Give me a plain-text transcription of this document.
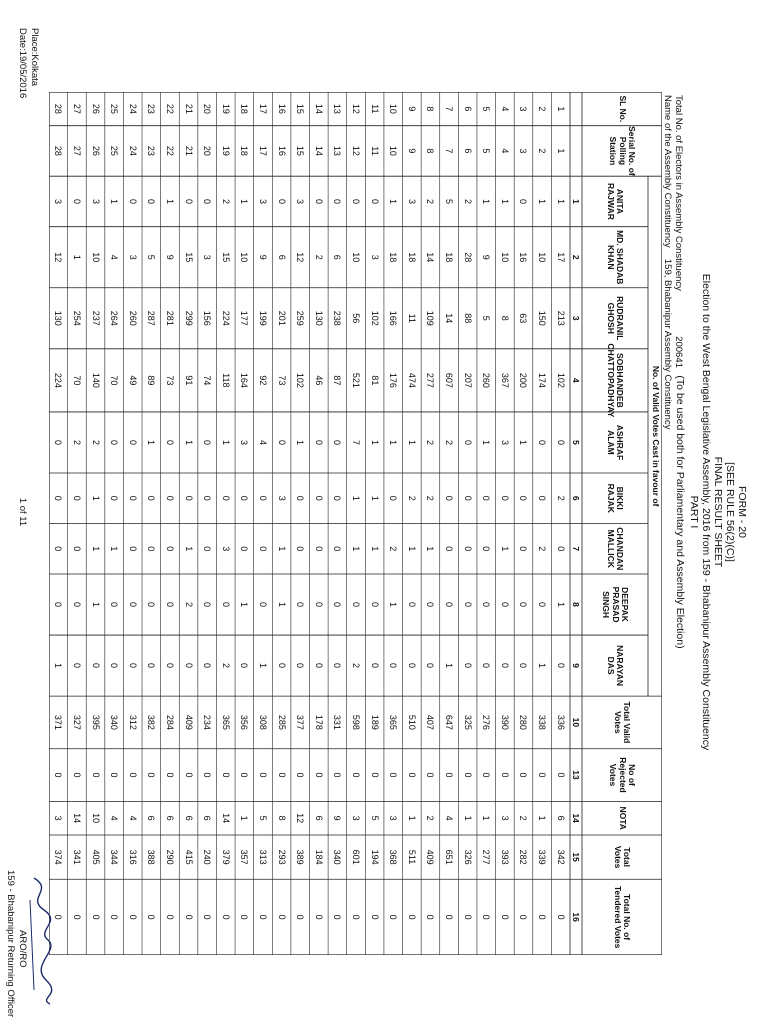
FORM - 20
[SEE RULE 56(2)(C)]
FINAL RESULT SHEET
Election to the West Bengal Legislative Assembly, 2016 from 159 - Bhabanipur Assembly Constituency
PART I
(To be used both for Parliamentary and Assembly Election)
Total No. of Electors in Assembly Constituency  200641
Name of the Assembly Constituency  159, Bhabanipur Assembly Constituency
No. of Valid Votes Cast in favour of
SL No.
Serial No. of Polling Station
ANITA RAJWAR
MD. SHADAB KHAN
RUDRANIL GHOSH
SOBHANDEB CHATTOPADHYAY
ASHRAF ALAM
BIKKI RAJAK
CHANDAN MALLICK
DEEPAK PRASAD SINGH
NARAYAN DAS
Total Valid Votes
No of Rejected Votes
NOTA
Total Votes
Total No. of Tendered Votes
1
2
3
4
5
6
7
8
9
10
13
14
15
16
1
1
1
17
213
102
0
2
0
1
0
336
0
6
342
0
2
2
1
10
150
174
0
0
2
0
1
338
0
1
339
0
3
3
0
16
63
200
1
0
0
0
0
280
0
2
282
0
4
4
1
10
8
367
3
0
1
0
0
390
0
3
393
0
5
5
1
9
5
260
1
0
0
0
0
276
0
1
277
0
6
6
2
28
88
207
0
0
0
0
0
325
0
1
326
0
7
7
5
18
14
607
2
0
0
0
1
647
0
4
651
0
8
8
2
14
109
277
2
2
1
0
0
407
0
2
409
0
9
9
3
18
11
474
1
2
1
0
0
510
0
1
511
0
10
10
1
18
166
176
1
0
2
1
0
365
0
3
368
0
11
11
0
3
102
81
1
1
1
0
0
189
0
5
194
0
12
12
0
10
56
521
7
1
1
0
2
598
0
3
601
0
13
13
0
6
238
87
0
0
0
0
0
331
0
9
340
0
14
14
0
2
130
46
0
0
0
0
0
178
0
6
184
0
15
15
3
12
259
102
1
0
0
0
0
377
0
12
389
0
16
16
0
6
201
73
0
3
1
1
0
285
0
8
293
0
17
17
3
9
199
92
4
0
0
0
1
308
0
5
313
0
18
18
1
10
177
164
3
0
0
1
0
356
0
1
357
0
19
19
2
15
224
118
1
0
3
0
2
365
0
14
379
0
20
20
0
3
156
74
0
0
0
0
0
234
0
6
240
0
21
21
0
15
299
91
1
0
1
2
0
409
0
6
415
0
22
22
1
9
281
73
0
0
0
0
0
284
0
6
290
0
23
23
0
5
287
89
1
0
0
0
0
382
0
6
388
0
24
24
0
3
260
49
0
0
0
0
0
312
0
4
316
0
25
25
1
4
264
70
0
0
1
0
0
340
0
4
344
0
26
26
3
10
237
140
2
1
1
1
0
395
0
10
405
0
27
27
0
1
254
70
2
0
0
0
0
327
0
14
341
0
28
28
3
12
130
224
0
0
0
0
1
371
0
3
374
0
Place:Kolkata
Date:19/05/2016
1 of 11
ARO/RO
159 - Bhabanipur Returning Officer
